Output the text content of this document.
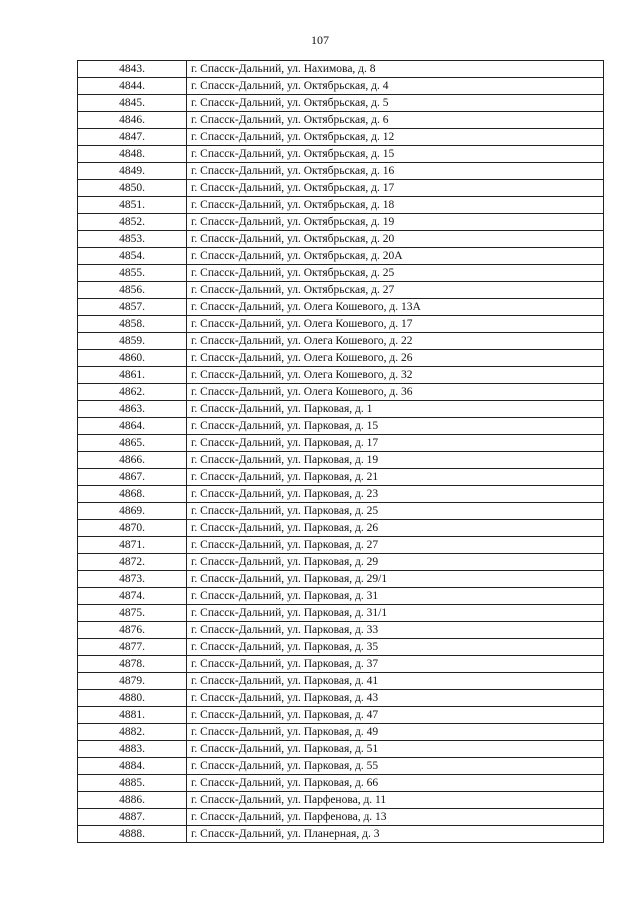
107
4843.	г. Спасск-Дальний, ул. Нахимова, д. 8
4844.	г. Спасск-Дальний, ул. Октябрьская, д. 4
4845.	г. Спасск-Дальний, ул. Октябрьская, д. 5
4846.	г. Спасск-Дальний, ул. Октябрьская, д. 6
4847.	г. Спасск-Дальний, ул. Октябрьская, д. 12
4848.	г. Спасск-Дальний, ул. Октябрьская, д. 15
4849.	г. Спасск-Дальний, ул. Октябрьская, д. 16
4850.	г. Спасск-Дальний, ул. Октябрьская, д. 17
4851.	г. Спасск-Дальний, ул. Октябрьская, д. 18
4852.	г. Спасск-Дальний, ул. Октябрьская, д. 19
4853.	г. Спасск-Дальний, ул. Октябрьская, д. 20
4854.	г. Спасск-Дальний, ул. Октябрьская, д. 20А
4855.	г. Спасск-Дальний, ул. Октябрьская, д. 25
4856.	г. Спасск-Дальний, ул. Октябрьская, д. 27
4857.	г. Спасск-Дальний, ул. Олега Кошевого, д. 13А
4858.	г. Спасск-Дальний, ул. Олега Кошевого, д. 17
4859.	г. Спасск-Дальний, ул. Олега Кошевого, д. 22
4860.	г. Спасск-Дальний, ул. Олега Кошевого, д. 26
4861.	г. Спасск-Дальний, ул. Олега Кошевого, д. 32
4862.	г. Спасск-Дальний, ул. Олега Кошевого, д. 36
4863.	г. Спасск-Дальний, ул. Парковая, д. 1
4864.	г. Спасск-Дальний, ул. Парковая, д. 15
4865.	г. Спасск-Дальний, ул. Парковая, д. 17
4866.	г. Спасск-Дальний, ул. Парковая, д. 19
4867.	г. Спасск-Дальний, ул. Парковая, д. 21
4868.	г. Спасск-Дальний, ул. Парковая, д. 23
4869.	г. Спасск-Дальний, ул. Парковая, д. 25
4870.	г. Спасск-Дальний, ул. Парковая, д. 26
4871.	г. Спасск-Дальний, ул. Парковая, д. 27
4872.	г. Спасск-Дальний, ул. Парковая, д. 29
4873.	г. Спасск-Дальний, ул. Парковая, д. 29/1
4874.	г. Спасск-Дальний, ул. Парковая, д. 31
4875.	г. Спасск-Дальний, ул. Парковая, д. 31/1
4876.	г. Спасск-Дальний, ул. Парковая, д. 33
4877.	г. Спасск-Дальний, ул. Парковая, д. 35
4878.	г. Спасск-Дальний, ул. Парковая, д. 37
4879.	г. Спасск-Дальний, ул. Парковая, д. 41
4880.	г. Спасск-Дальний, ул. Парковая, д. 43
4881.	г. Спасск-Дальний, ул. Парковая, д. 47
4882.	г. Спасск-Дальний, ул. Парковая, д. 49
4883.	г. Спасск-Дальний, ул. Парковая, д. 51
4884.	г. Спасск-Дальний, ул. Парковая, д. 55
4885.	г. Спасск-Дальний, ул. Парковая, д. 66
4886.	г. Спасск-Дальний, ул. Парфенова, д. 11
4887.	г. Спасск-Дальний, ул. Парфенова, д. 13
4888.	г. Спасск-Дальний, ул. Планерная, д. 3
